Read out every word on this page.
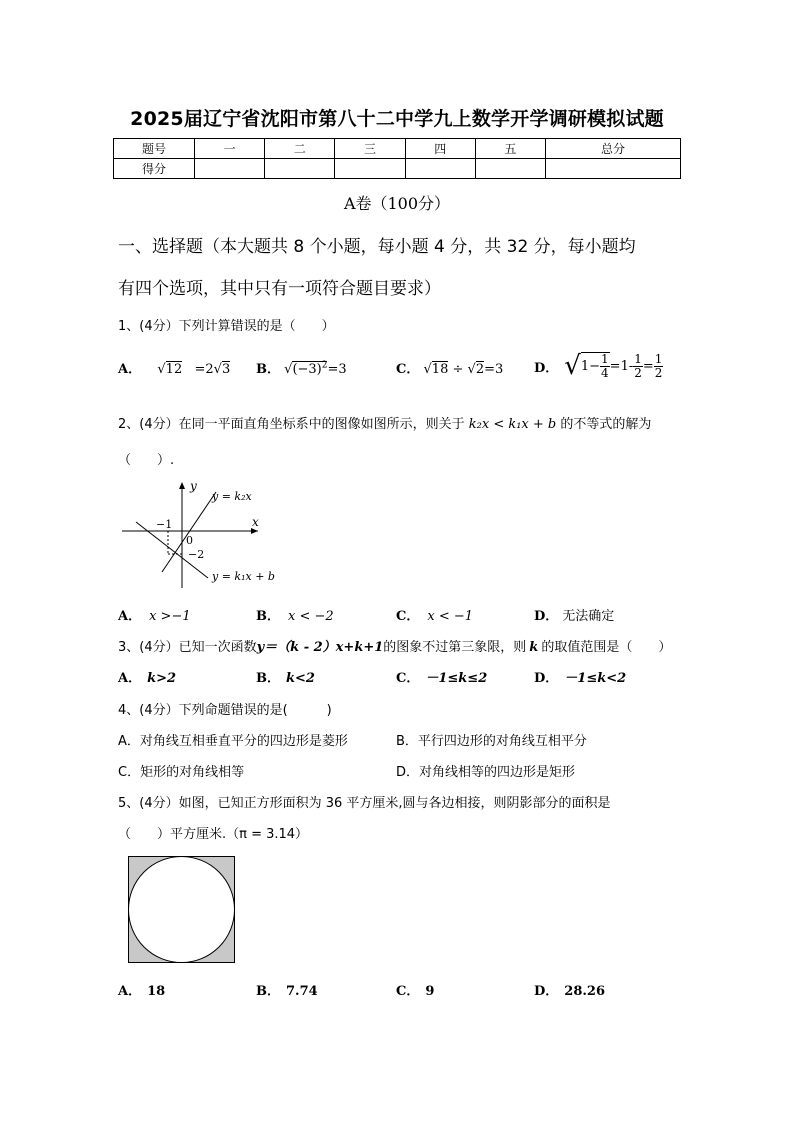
2025届辽宁省沈阳市第八十二中学九上数学开学调研模拟试题
题号	一	二	三	四	五	总分
得分						
A卷（100分）
一、选择题（本大题共 8 个小题，每小题 4 分，共 32 分，每小题均
有四个选项，其中只有一项符合题目要求）
1、(4分）下列计算错误的是（　　）
A． √12 =2√3 B． $√(-3)^2=3$	C． √18 ÷ √2=3 D． √ $1- \frac{1}{4} =1- \frac{1}{2} = \frac{1}{2}$
2、(4分）在同一平面直角坐标系中的图像如图所示，则关于 k₂x < k₁x + b 的不等式的解为
（　　）.
y
x
0
−1
−2
y = k₂x
y = k₁x + b
A． x >−1	B． x < −2	C． x < −1	D． 无法确定
3、(4分）已知一次函数y＝（k - 2）x+k+1的图象不过第三象限，则 k 的取值范围是（　　）
A． k>2	B． k<2	C． －1≤k≤2	D． －1≤k<2
4、(4分）下列命题错误的是(　　　)
A．对角线互相垂直平分的四边形是菱形	B．平行四边形的对角线互相平分
C．矩形的对角线相等	D．对角线相等的四边形是矩形
5、(4分）如图，已知正方形面积为 36 平方厘米,圆与各边相接，则阴影部分的面积是
（　　）平方厘米.（π = 3.14）
A． 18	B． 7.74	C． 9	D． 28.26
